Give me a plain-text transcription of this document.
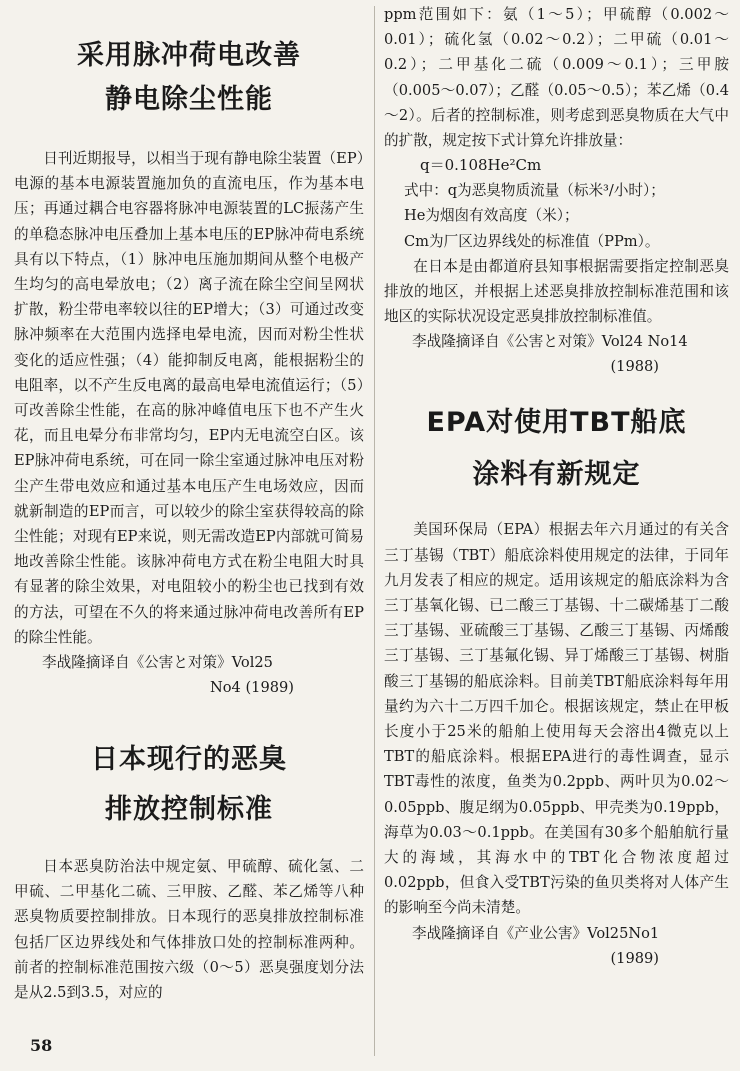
采用脉冲荷电改善
静电除尘性能

日刊近期报导，以相当于现有静电除尘装置（EP）电源的基本电源装置施加负的直流电压，作为基本电压；再通过耦合电容器将脉冲电源装置的LC振荡产生的单稳态脉冲电压叠加上基本电压的EP脉冲荷电系统具有以下特点，（1）脉冲电压施加期间从整个电极产生均匀的高电晕放电；（2）离子流在除尘空间呈网状扩散，粉尘带电率较以往的EP增大；（3）可通过改变脉冲频率在大范围内选择电晕电流，因而对粉尘性状变化的适应性强；（4）能抑制反电离，能根据粉尘的电阻率，以不产生反电离的最高电晕电流值运行；（5）可改善除尘性能，在高的脉冲峰值电压下也不产生火花，而且电晕分布非常均匀，EP内无电流空白区。该EP脉冲荷电系统，可在同一除尘室通过脉冲电压对粉尘产生带电效应和通过基本电压产生电场效应，因而就新制造的EP而言，可以较少的除尘室获得较高的除尘性能；对现有EP来说，则无需改造EP内部就可简易地改善除尘性能。该脉冲荷电方式在粉尘电阻大时具有显著的除尘效果，对电阻较小的粉尘也已找到有效的方法，可望在不久的将来通过脉冲荷电改善所有EP的除尘性能。

李战隆摘译自《公害と对策》Vol25

No4 (1989)

日本现行的恶臭
排放控制标准

日本恶臭防治法中规定氨、甲硫醇、硫化氢、二甲硫、二甲基化二硫、三甲胺、乙醛、苯乙烯等八种恶臭物质要控制排放。日本现行的恶臭排放控制标准包括厂区边界线处和气体排放口处的控制标准两种。前者的控制标准范围按六级（0～5）恶臭强度划分法是从2.5到3.5，对应的

ppm范围如下：氨（1～5）；甲硫醇（0.002～0.01）；硫化氢（0.02～0.2）；二甲硫（0.01～0.2）；二甲基化二硫（0.009～0.1）；三甲胺（0.005～0.07）；乙醛（0.05～0.5）；苯乙烯（0.4～2）。后者的控制标准，则考虑到恶臭物质在大气中的扩散，规定按下式计算允许排放量：

q＝0.108He²Cm

式中：q为恶臭物质流量（标米³/小时）；

He为烟囱有效高度（米）；

Cm为厂区边界线处的标准值（PPm）。

在日本是由都道府县知事根据需要指定控制恶臭排放的地区，并根据上述恶臭排放控制标准范围和该地区的实际状况设定恶臭排放控制标准值。

李战隆摘译自《公害と对策》Vol24 No14

(1988)

EPA对使用TBT船底
涂料有新规定

美国环保局（EPA）根据去年六月通过的有关含三丁基锡（TBT）船底涂料使用规定的法律，于同年九月发表了相应的规定。适用该规定的船底涂料为含三丁基氧化锡、已二酸三丁基锡、十二碳烯基丁二酸三丁基锡、亚硫酸三丁基锡、乙酸三丁基锡、丙烯酸三丁基锡、三丁基氟化锡、异丁烯酸三丁基锡、树脂酸三丁基锡的船底涂料。目前美TBT船底涂料每年用量约为六十二万四千加仑。根据该规定，禁止在甲板长度小于25米的船舶上使用每天会溶出4微克以上TBT的船底涂料。根据EPA进行的毒性调查，显示TBT毒性的浓度，鱼类为0.2ppb、两叶贝为0.02～0.05ppb、腹足纲为0.05ppb、甲壳类为0.19ppb，海草为0.03～0.1ppb。在美国有30多个船舶航行量大的海域，其海水中的TBT化合物浓度超过0.02ppb，但食入受TBT污染的鱼贝类将对人体产生的影响至今尚未清楚。

李战隆摘译自《产业公害》Vol25No1

(1989)

58
